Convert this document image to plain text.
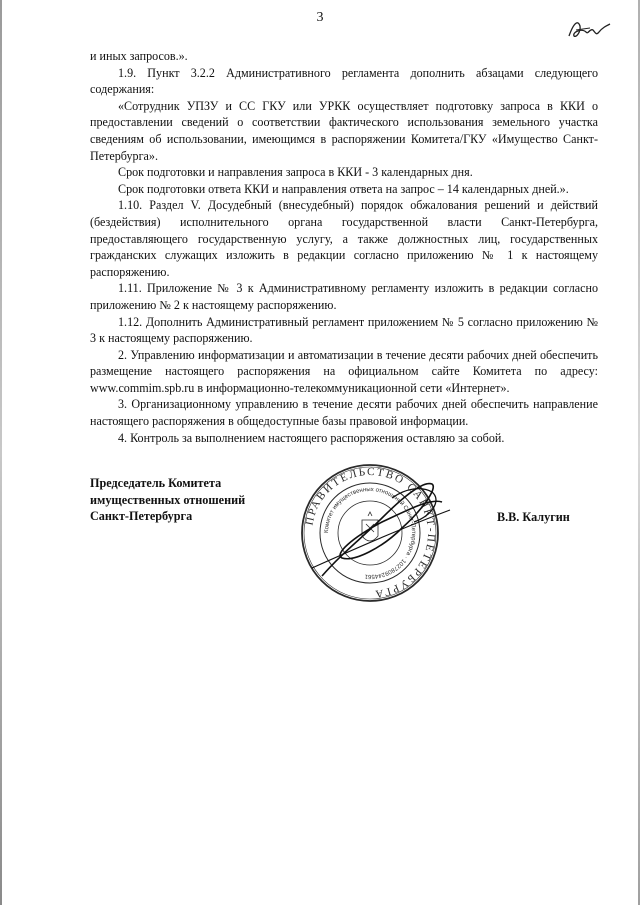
3

и иных запросов.».

1.9. Пункт 3.2.2 Административного регламента дополнить абзацами следующего содержания:

«Сотрудник УПЗУ и СС ГКУ или УРКК осуществляет подготовку запроса в ККИ о предоставлении сведений о соответствии фактического использования земельного участка сведениям об использовании, имеющимся в распоряжении Комитета/ГКУ «Имущество Санкт-Петербурга».

Срок подготовки и направления запроса в ККИ - 3 календарных дня.

Срок подготовки ответа ККИ и направления ответа на запрос – 14 календарных дней.».

1.10. Раздел V. Досудебный (внесудебный) порядок обжалования решений и действий (бездействия) исполнительного органа государственной власти Санкт-Петербурга, предоставляющего государственную услугу, а также должностных лиц, государственных гражданских служащих изложить в редакции согласно приложению № 1 к настоящему распоряжению.

1.11. Приложение № 3 к Административному регламенту изложить в редакции согласно приложению № 2 к настоящему распоряжению.

1.12. Дополнить Административный регламент приложением № 5 согласно приложению № 3 к настоящему распоряжению.

2. Управлению информатизации и автоматизации в течение десяти рабочих дней обеспечить размещение настоящего распоряжения на официальном сайте Комитета по адресу: www.commim.spb.ru в информационно-телекоммуникационной сети «Интернет».

3. Организационному управлению в течение десяти рабочих дней обеспечить направление настоящего распоряжения в общедоступные базы правовой информации.

4. Контроль за выполнением настоящего распоряжения оставляю за собой.

Председатель Комитета
имущественных отношений
Санкт-Петербурга	ПРАВИТЕЛЬСТВО САНКТ-ПЕТЕРБУРГА
Комитет имущественных отношений Санкт-Петербурга · 1027809244561
В.В. Калугин
